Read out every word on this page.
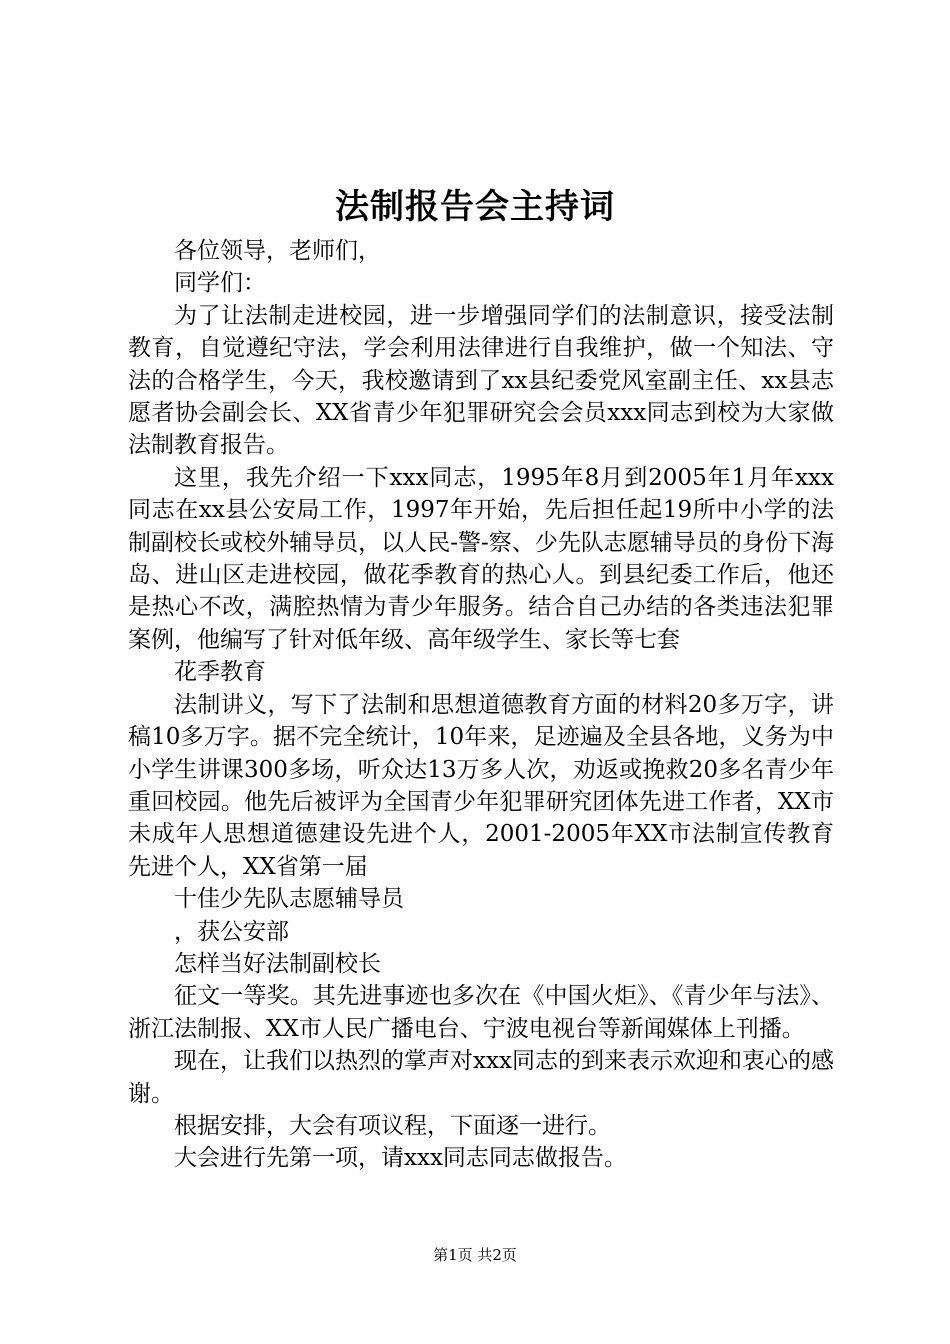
法制报告会主持词

各位领导，老师们，

同学们：

为了让法制走进校园，进一步增强同学们的法制意识，接受法制教育，自觉遵纪守法，学会利用法律进行自我维护，做一个知法、守法的合格学生，今天，我校邀请到了xx县纪委党风室副主任、xx县志愿者协会副会长、XX省青少年犯罪研究会会员xxx同志到校为大家做法制教育报告。

这里，我先介绍一下xxx同志，1995年8月到2005年1月年xxx同志在xx县公安局工作，1997年开始，先后担任起19所中小学的法制副校长或校外辅导员，以人民-警-察、少先队志愿辅导员的身份下海岛、进山区走进校园，做花季教育的热心人。到县纪委工作后，他还是热心不改，满腔热情为青少年服务。结合自己办结的各类违法犯罪案例，他编写了针对低年级、高年级学生、家长等七套

花季教育

法制讲义，写下了法制和思想道德教育方面的材料20多万字，讲稿10多万字。据不完全统计，10年来，足迹遍及全县各地，义务为中小学生讲课300多场，听众达13万多人次，劝返或挽救20多名青少年重回校园。他先后被评为全国青少年犯罪研究团体先进工作者，XX市未成年人思想道德建设先进个人，2001-2005年XX市法制宣传教育先进个人，XX省第一届

十佳少先队志愿辅导员

，获公安部

怎样当好法制副校长

征文一等奖。其先进事迹也多次在《中国火炬》、《青少年与法》、浙江法制报、XX市人民广播电台、宁波电视台等新闻媒体上刊播。

现在，让我们以热烈的掌声对xxx同志的到来表示欢迎和衷心的感谢。

根据安排，大会有项议程，下面逐一进行。

大会进行先第一项，请xxx同志同志做报告。

第1页 共2页
